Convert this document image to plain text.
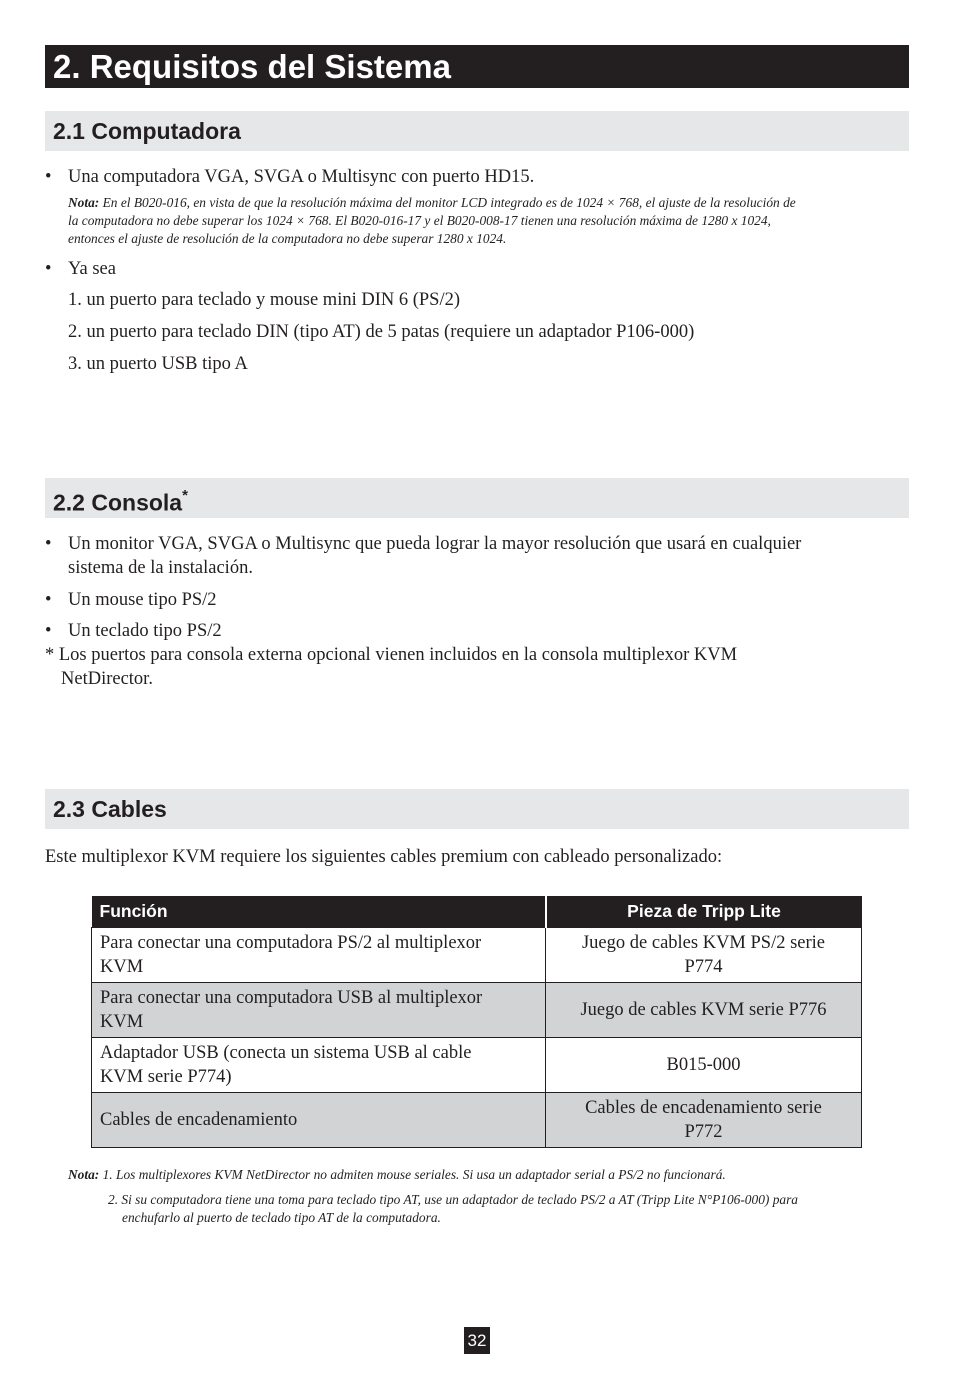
2. Requisitos del Sistema
2.1 Computadora
• Una computadora VGA, SVGA o Multisync con puerto HD15.
Nota: En el B020-016, en vista de que la resolución máxima del monitor LCD integrado es de 1024 × 768, el ajuste de la resolución de
la computadora no debe superar los 1024 × 768. El B020-016-17 y el B020-008-17 tienen una resolución máxima de 1280 x 1024,
entonces el ajuste de resolución de la computadora no debe superar 1280 x 1024.
• Ya sea
1. un puerto para teclado y mouse mini DIN 6 (PS/2)
2. un puerto para teclado DIN (tipo AT) de 5 patas (requiere un adaptador P106-000)
3. un puerto USB tipo A
2.2 Consola*
• Un monitor VGA, SVGA o Multisync que pueda lograr la mayor resolución que usará en cualquier
sistema de la instalación.
• Un mouse tipo PS/2
• Un teclado tipo PS/2
* Los puertos para consola externa opcional vienen incluidos en la consola multiplexor KVM
NetDirector.
2.3 Cables
Este multiplexor KVM requiere los siguientes cables premium con cableado personalizado:
Función	Pieza de Tripp Lite
Para conectar una computadora PS/2 al multiplexor
KVM	Juego de cables KVM PS/2 serie
P774
Para conectar una computadora USB al multiplexor
KVM	Juego de cables KVM serie P776
Adaptador USB (conecta un sistema USB al cable
KVM serie P774)	B015-000
Cables de encadenamiento	Cables de encadenamiento serie
P772
Nota: 1. Los multiplexores KVM NetDirector no admiten mouse seriales. Si usa un adaptador serial a PS/2 no funcionará.
2. Si su computadora tiene una toma para teclado tipo AT, use un adaptador de teclado PS/2 a AT (Tripp Lite N°P106-000) para
enchufarlo al puerto de teclado tipo AT de la computadora.
32
